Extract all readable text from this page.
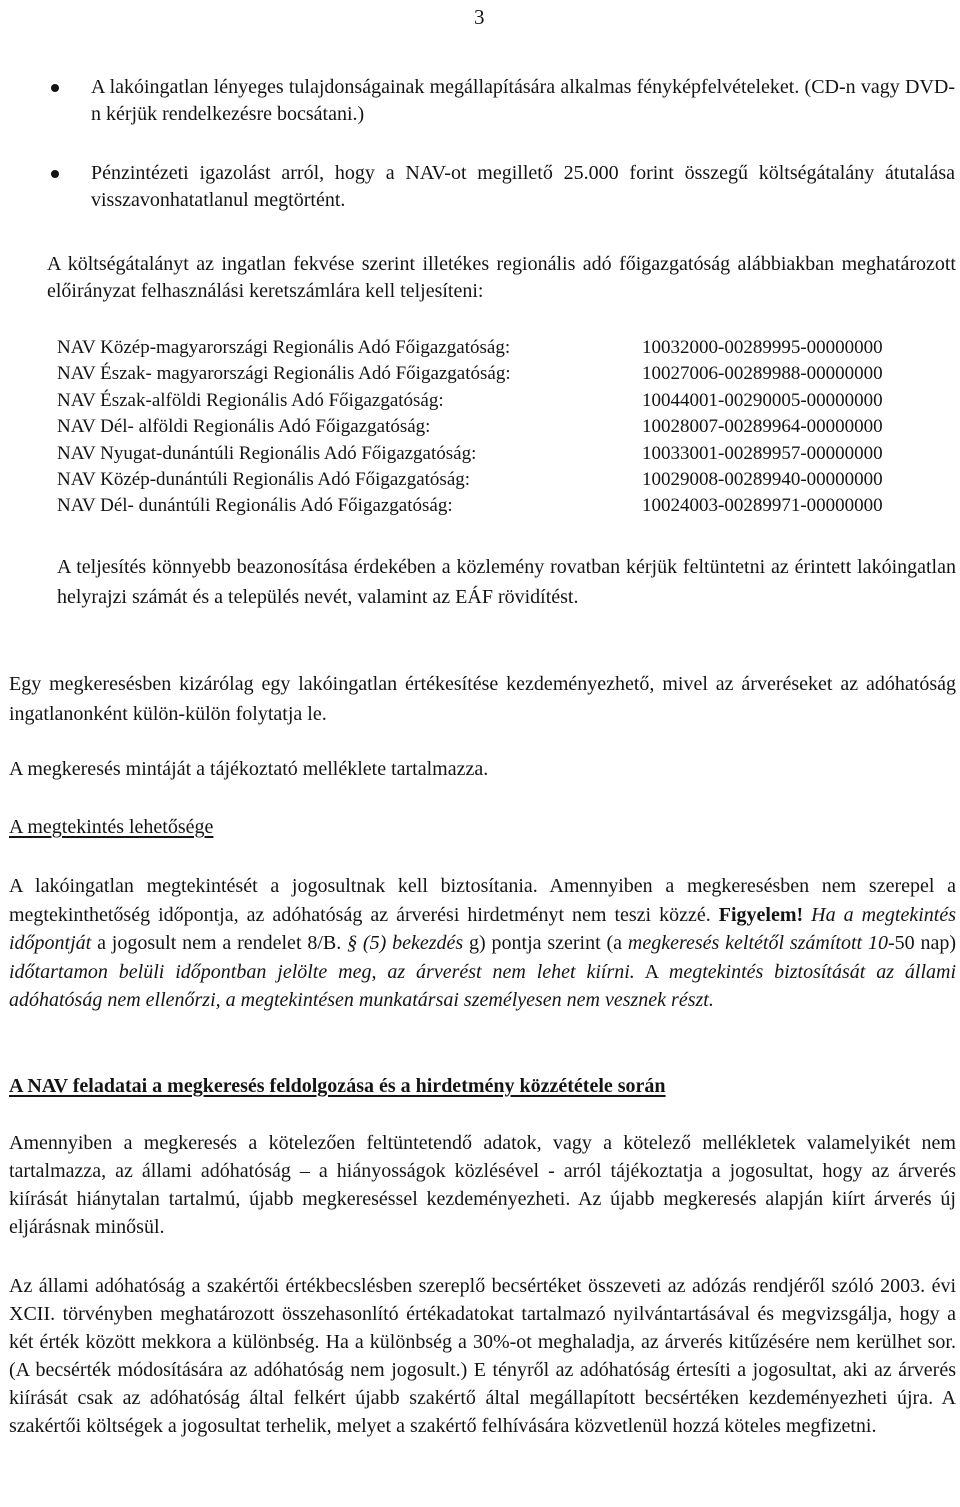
3
A lakóingatlan lényeges tulajdonságainak megállapítására alkalmas fényképfelvételeket. (CD-n vagy DVD-n kérjük rendelkezésre bocsátani.)
Pénzintézeti igazolást arról, hogy a NAV-ot megillető 25.000 forint összegű költségátalány átutalása visszavonhatatlanul megtörtént.
A költségátalányt az ingatlan fekvése szerint illetékes regionális adó főigazgatóság alábbiakban meghatározott előirányzat felhasználási keretszámlára kell teljesíteni:
NAV Közép-magyarországi Regionális Adó Főigazgatóság:	10032000-00289995-00000000
NAV Észak- magyarországi Regionális Adó Főigazgatóság:	10027006-00289988-00000000
NAV Észak-alföldi Regionális Adó Főigazgatóság:	10044001-00290005-00000000
NAV Dél- alföldi Regionális Adó Főigazgatóság:	10028007-00289964-00000000
NAV Nyugat-dunántúli Regionális Adó Főigazgatóság:	10033001-00289957-00000000
NAV Közép-dunántúli Regionális Adó Főigazgatóság:	10029008-00289940-00000000
NAV Dél- dunántúli Regionális Adó Főigazgatóság:	10024003-00289971-00000000
A teljesítés könnyebb beazonosítása érdekében a közlemény rovatban kérjük feltüntetni az érintett lakóingatlan helyrajzi számát és a település nevét, valamint az EÁF rövidítést.
Egy megkeresésben kizárólag egy lakóingatlan értékesítése kezdeményezhető, mivel az árveréseket az adóhatóság ingatlanonként külön-külön folytatja le.
A megkeresés mintáját a tájékoztató melléklete tartalmazza.
A megtekintés lehetősége
A lakóingatlan megtekintését a jogosultnak kell biztosítania. Amennyiben a megkeresésben nem szerepel a megtekinthetőség időpontja, az adóhatóság az árverési hirdetményt nem teszi közzé. Figyelem! Ha a megtekintés időpontját a jogosult nem a rendelet 8/B. § (5) bekezdés g) pontja szerint (a megkeresés keltétől számított 10-50 nap) időtartamon belüli időpontban jelölte meg, az árverést nem lehet kiírni. A megtekintés biztosítását az állami adóhatóság nem ellenőrzi, a megtekintésen munkatársai személyesen nem vesznek részt.
A NAV feladatai a megkeresés feldolgozása és a hirdetmény közzététele során
Amennyiben a megkeresés a kötelezően feltüntetendő adatok, vagy a kötelező mellékletek valamelyikét nem tartalmazza, az állami adóhatóság – a hiányosságok közlésével - arról tájékoztatja a jogosultat, hogy az árverés kiírását hiánytalan tartalmú, újabb megkereséssel kezdeményezheti. Az újabb megkeresés alapján kiírt árverés új eljárásnak minősül.
Az állami adóhatóság a szakértői értékbecslésben szereplő becsértéket összeveti az adózás rendjéről szóló 2003. évi XCII. törvényben meghatározott összehasonlító értékadatokat tartalmazó nyilvántartásával és megvizsgálja, hogy a két érték között mekkora a különbség. Ha a különbség a 30%-ot meghaladja, az árverés kitűzésére nem kerülhet sor. (A becsérték módosítására az adóhatóság nem jogosult.) E tényről az adóhatóság értesíti a jogosultat, aki az árverés kiírását csak az adóhatóság által felkért újabb szakértő által megállapított becsértéken kezdeményezheti újra. A szakértői költségek a jogosultat terhelik, melyet a szakértő felhívására közvetlenül hozzá köteles megfizetni.
